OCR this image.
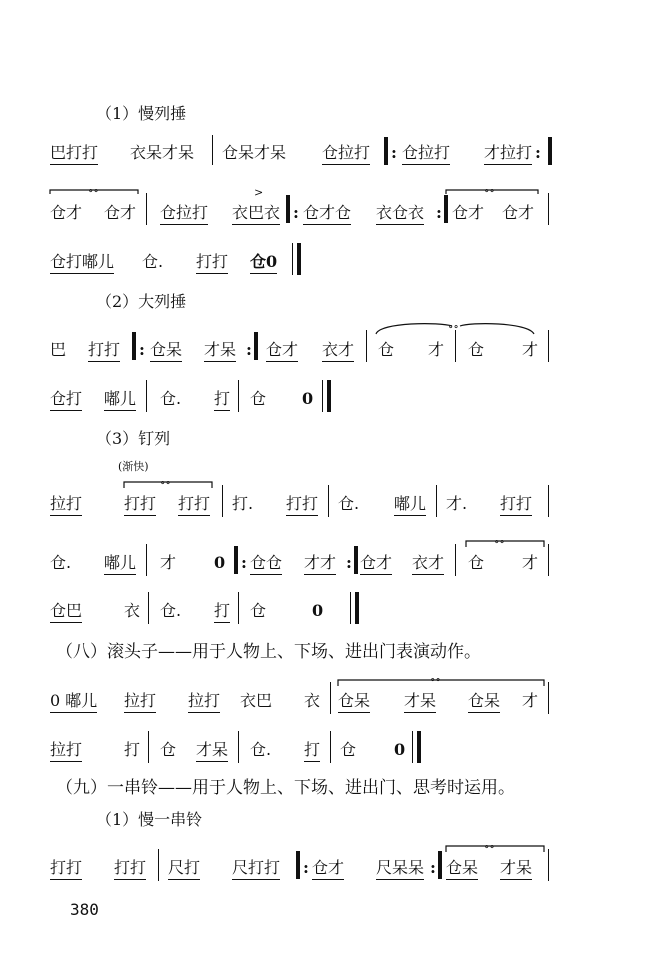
（1）慢列捶
（2）大列捶
（3）钉列
(渐快)
（八）滚头子——用于人物上、下场、进出门表演动作。
（九）一串铃——用于人物上、下场、进出门、思考时运用。
（1）慢一串铃
巴打打 衣呆才呆 仓呆才呆 仓拉打 : 仓拉打 才拉打 :
仓才 仓才 仓拉打
>
衣巴衣 : 仓才仓 衣仓衣 : 仓才 仓才
∘∘	∘∘
仓打嘟儿 仓. 打打 仓0
巴 打打 : 仓呆 才呆 : 仓才 衣才 仓 才 仓 才
∘∘
仓打 嘟儿 仓. 打 仓 0
拉打	打打 打打 打. 打打 仓. 嘟儿 才. 打打
∘∘
仓. 嘟儿 才 0 : 仓仓 才才 : 仓才 衣才 仓 才
∘∘
仓巴	衣 仓. 打 仓	0
0 嘟儿 拉打 拉打 衣巴 衣 仓呆 才呆 仓呆 才
∘∘
拉打	打 仓 才呆 仓. 打 仓 0
打打 打打 尺打 尺打打 : 仓才 尺呆呆 : 仓呆 才呆
∘∘
380
